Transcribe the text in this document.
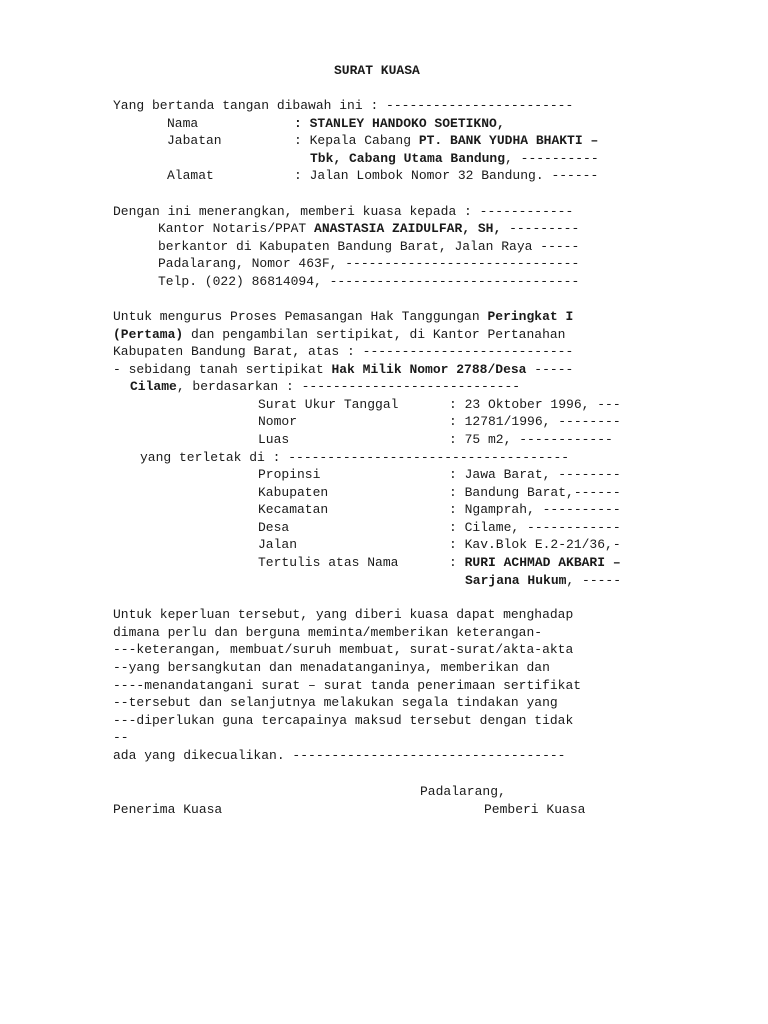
SURAT KUASA
Yang bertanda tangan dibawah ini : ------------------------
Nama	: STANLEY HANDOKO SOETIKNO,
Jabatan	: Kepala Cabang PT. BANK YUDHA BHAKTI –
Tbk, Cabang Utama Bandung, ----------
Alamat	: Jalan Lombok Nomor 32 Bandung. ------
Dengan ini menerangkan, memberi kuasa kepada : ------------
Kantor Notaris/PPAT ANASTASIA ZAIDULFAR, SH, ---------
berkantor di Kabupaten Bandung Barat, Jalan Raya -----
Padalarang, Nomor 463F, ------------------------------
Telp. (022) 86814094, --------------------------------
Untuk mengurus Proses Pemasangan Hak Tanggungan Peringkat I
(Pertama) dan pengambilan sertipikat, di Kantor Pertanahan
Kabupaten Bandung Barat, atas : ---------------------------
- sebidang tanah sertipikat Hak Milik Nomor 2788/Desa -----
Cilame, berdasarkan : ----------------------------
Surat Ukur Tanggal	: 23 Oktober 1996, ---
Nomor	: 12781/1996, --------
Luas	: 75 m2, ------------
yang terletak di : ------------------------------------
Propinsi	: Jawa Barat, --------
Kabupaten	: Bandung Barat,------
Kecamatan	: Ngamprah, ----------
Desa	: Cilame, ------------
Jalan	: Kav.Blok E.2-21/36,-
Tertulis atas Nama	: RURI ACHMAD AKBARI –
Sarjana Hukum, -----
Untuk keperluan tersebut, yang diberi kuasa dapat menghadap
dimana perlu dan berguna meminta/memberikan keterangan-
---keterangan, membuat/suruh membuat, surat-surat/akta-akta
--yang bersangkutan dan menadatanganinya, memberikan dan
----menandatangani surat – surat tanda penerimaan sertifikat
--tersebut dan selanjutnya melakukan segala tindakan yang
---diperlukan guna tercapainya maksud tersebut dengan tidak
--
ada yang dikecualikan. -----------------------------------
Padalarang,
Penerima Kuasa	Pemberi Kuasa
